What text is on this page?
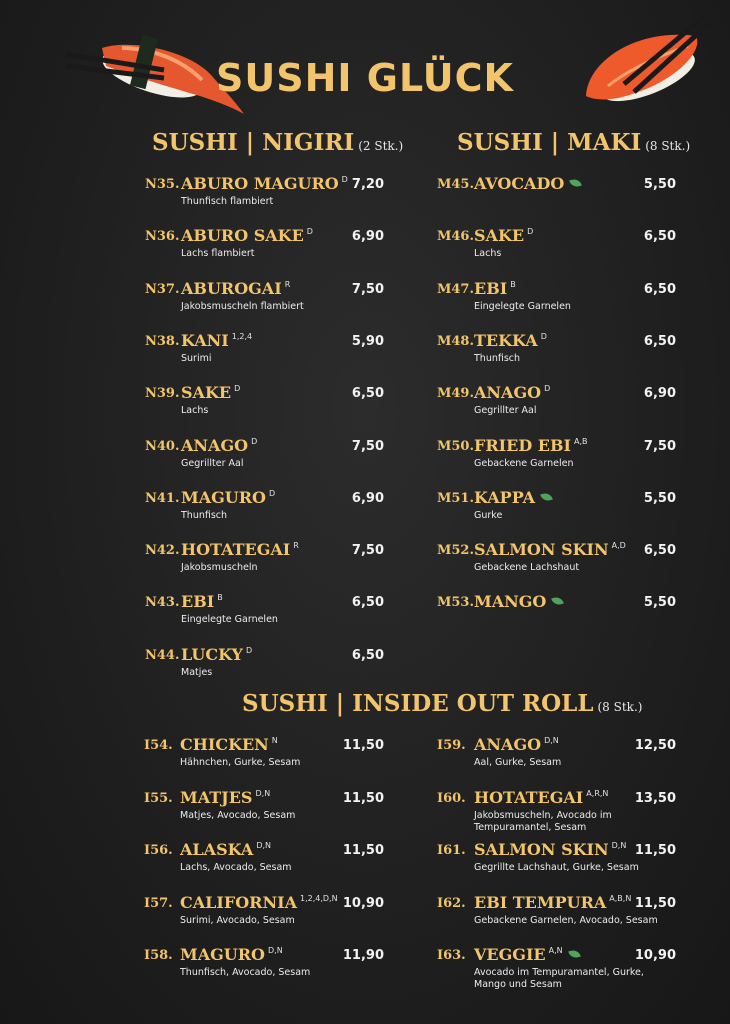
SUSHI GLÜCK
SUSHI | NIGIRI (2 Stk.) SUSHI | MAKI (8 Stk.)
SUSHI | INSIDE OUT ROLL (8 Stk.)
N35. ABURO MAGURO $^D$
Thunfisch flambiert
7,20
N36. ABURO SAKE $^D$
Lachs flambiert
6,90
N37. ABUROGAI $^R$
Jakobsmuscheln flambiert
7,50
N38. KANI $^{1,2,4}$
Surimi
5,90
N39. SAKE $^D$
Lachs
6,50
N40. ANAGO $^D$
Gegrillter Aal
7,50
N41. MAGURO $^D$
Thunfisch
6,90
N42. HOTATEGAI $^R$
Jakobsmuscheln
7,50
N43. EBI $^B$
Eingelegte Garnelen
6,50
N44. LUCKY $^D$
Matjes
6,50
M45. AVOCADO	5,50
M46. SAKE $^D$
Lachs
6,50
M47. EBI $^B$
Eingelegte Garnelen
6,50
M48. TEKKA $^D$
Thunfisch
6,50
M49. ANAGO $^D$
Gegrillter Aal
6,90
M50. FRIED EBI $^{A,B}$
Gebackene Garnelen
7,50
M51. KAPPA
Gurke
5,50
M52. SALMON SKIN $^{A,D}$
Gebackene Lachshaut
6,50
M53. MANGO	5,50
I54. CHICKEN $^N$
Hähnchen, Gurke, Sesam
11,50
I55. MATJES $^{D,N}$
Matjes, Avocado, Sesam
11,50
I56. ALASKA $^{D,N}$
Lachs, Avocado, Sesam
11,50
I57. CALIFORNIA $^{1,2,4,D,N}$
Surimi, Avocado, Sesam
10,90
I58. MAGURO $^{D,N}$
Thunfisch, Avocado, Sesam
11,90
I59. ANAGO $^{D,N}$
Aal, Gurke, Sesam
12,50
I60. HOTATEGAI $^{A,R,N}$
Jakobsmuscheln, Avocado im Tempuramantel, Sesam
13,50
I61. SALMON SKIN $^{D,N}$
Gegrillte Lachshaut, Gurke, Sesam
11,50
I62. EBI TEMPURA $^{A,B,N}$
Gebackene Garnelen, Avocado, Sesam
11,50
I63. VEGGIE $^{A,N}$
Avocado im Tempuramantel, Gurke, Mango und Sesam
10,90
